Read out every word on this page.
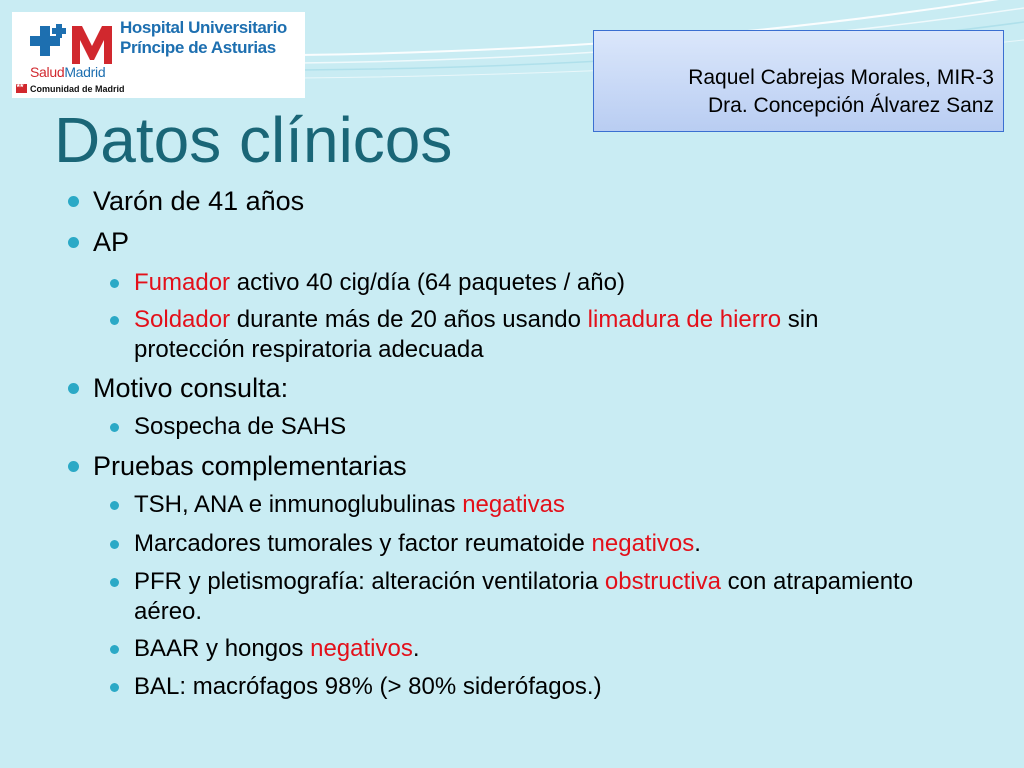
Hospital Universitario
Príncipe de Asturias
SaludMadrid
★★Comunidad de Madrid	Raquel Cabrejas Morales, MIR-3
Dra. Concepción Álvarez Sanz
Datos clínicos
Varón de 41 años
AP
Fumador activo 40 cig/día (64 paquetes / año)
Soldador durante más de 20 años usando limadura de hierro sin protección respiratoria adecuada
Motivo consulta:
Sospecha de SAHS
Pruebas complementarias
TSH, ANA e inmunoglubulinas negativas
Marcadores tumorales y factor reumatoide negativos.
PFR y pletismografía: alteración ventilatoria obstructiva con atrapamiento aéreo.
BAAR y hongos negativos.
BAL: macrófagos 98% (> 80% siderófagos.)
